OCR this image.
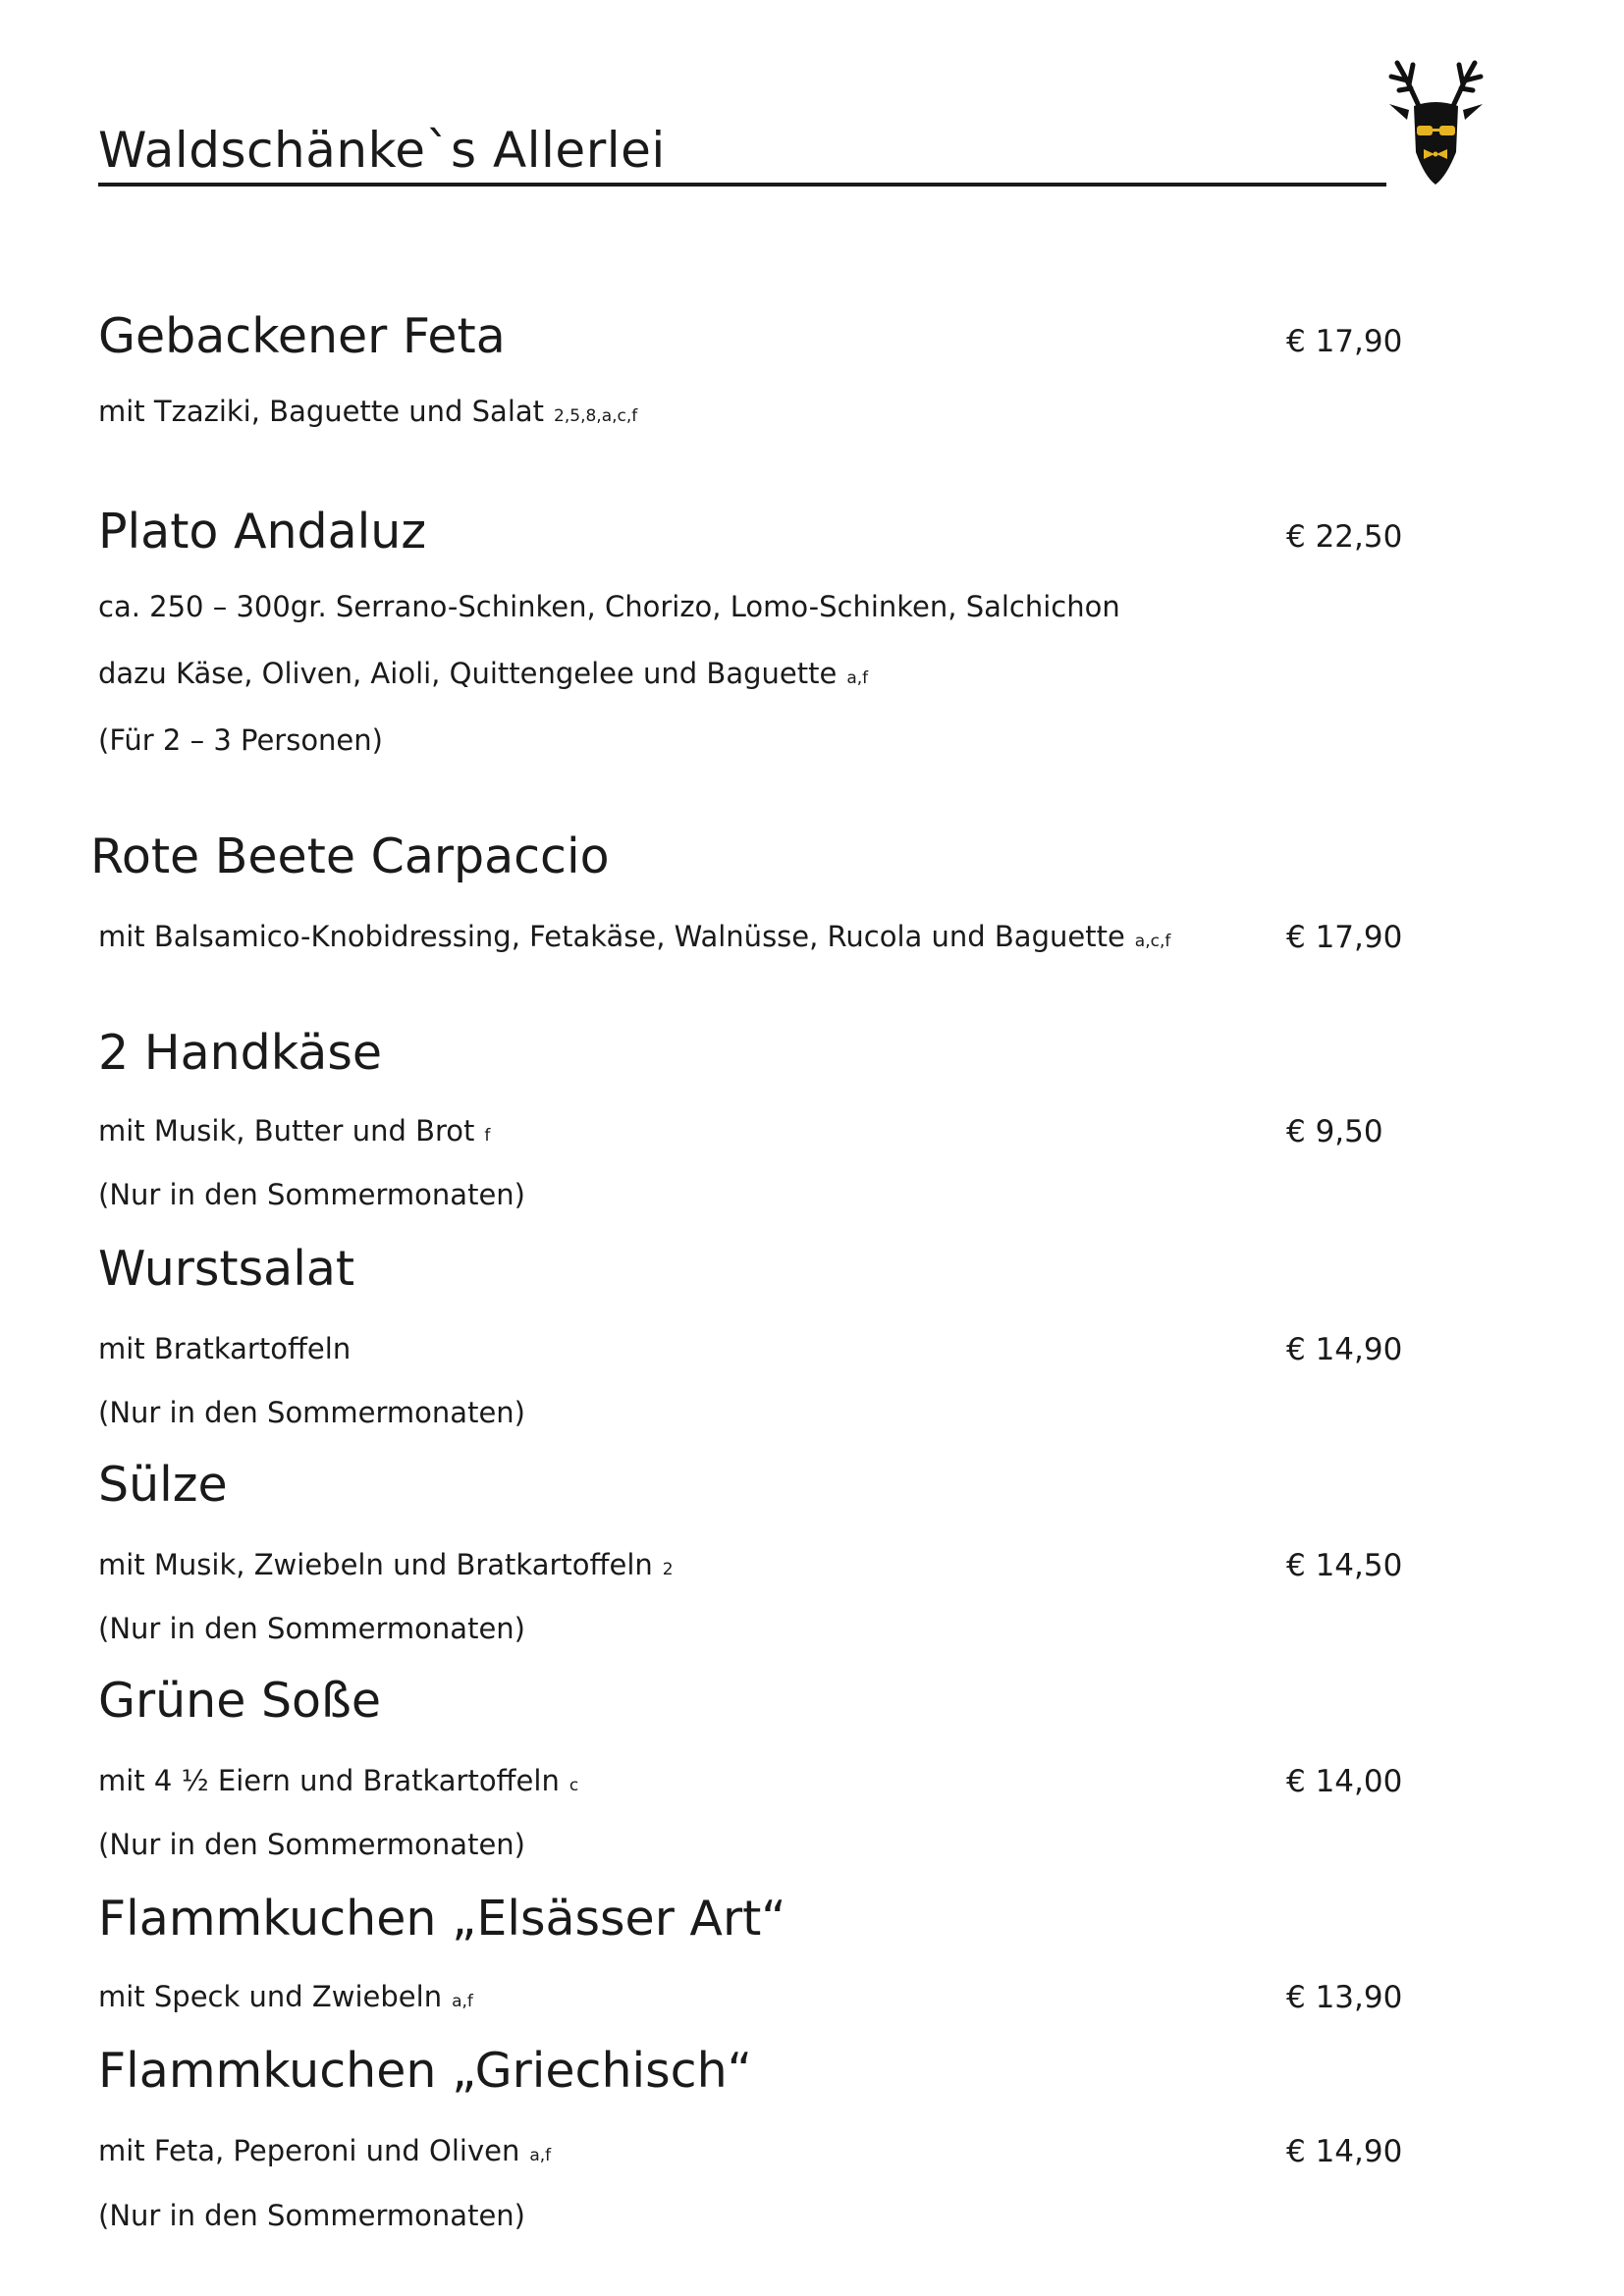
Waldschänke`s Allerlei
Gebackener Feta	€ 17,90
mit Tzaziki, Baguette und Salat 2,5,8,a,c,f
Plato Andaluz	€ 22,50
ca. 250 – 300gr. Serrano-Schinken, Chorizo, Lomo-Schinken, Salchichon
dazu Käse, Oliven, Aioli, Quittengelee und Baguette a,f
(Für 2 – 3 Personen)
Rote Beete Carpaccio
€ 17,90
mit Balsamico-Knobidressing, Fetakäse, Walnüsse, Rucola und Baguette a,c,f
2 Handkäse
€ 9,50
mit Musik, Butter und Brot f
(Nur in den Sommermonaten)
Wurstsalat
€ 14,90
mit Bratkartoffeln
(Nur in den Sommermonaten)
Sülze
€ 14,50
mit Musik, Zwiebeln und Bratkartoffeln 2
(Nur in den Sommermonaten)
Grüne Soße
€ 14,00
mit 4 ½ Eiern und Bratkartoffeln c
(Nur in den Sommermonaten)
Flammkuchen „Elsässer Art“
€ 13,90
mit Speck und Zwiebeln a,f
Flammkuchen „Griechisch“
€ 14,90
mit Feta, Peperoni und Oliven a,f
(Nur in den Sommermonaten)
